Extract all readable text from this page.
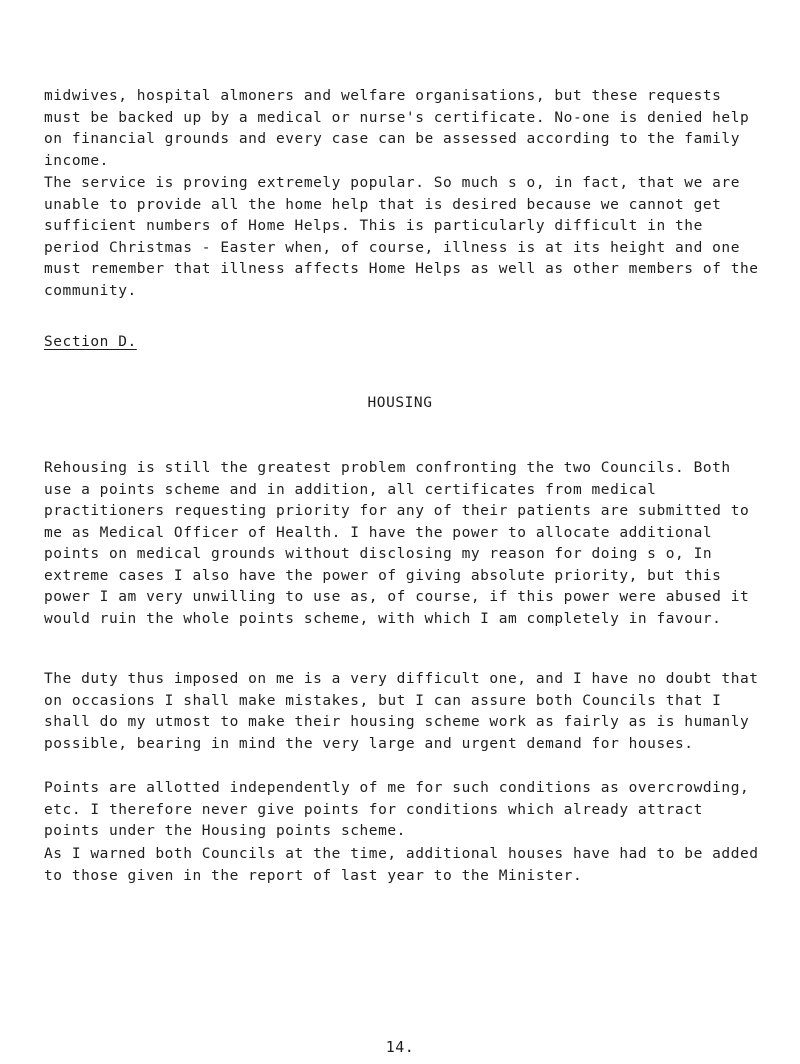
midwives, hospital almoners and welfare organisations, but these requests must be backed up by a medical or nurse's certificate. No-one is denied help on financial grounds and every case can be assessed according to the family income.

The service is proving extremely popular. So much s o, in fact, that we are unable to provide all the home help that is desired because we cannot get sufficient numbers of Home Helps. This is particularly difficult in the period Christmas - Easter when, of course, illness is at its height and one must remember that illness affects Home Helps as well as other members of the community.

Section D.
HOUSING

Rehousing is still the greatest problem confronting the two Councils. Both use a points scheme and in addition, all certificates from medical practitioners requesting priority for any of their patients are submitted to me as Medical Officer of Health. I have the power to allocate additional points on medical grounds without disclosing my reason for doing s o, In extreme cases I also have the power of giving absolute priority, but this power I am very unwilling to use as, of course, if this power were abused it would ruin the whole points scheme, with which I am completely in favour.

The duty thus imposed on me is a very difficult one, and I have no doubt that on occasions I shall make mistakes, but I can assure both Councils that I shall do my utmost to make their housing scheme work as fairly as is humanly possible, bearing in mind the very large and urgent demand for houses.

Points are allotted independently of me for such conditions as overcrowding, etc. I therefore never give points for conditions which already attract points under the Housing points scheme.

As I warned both Councils at the time, additional houses have had to be added to those given in the report of last year to the Minister.

14.
